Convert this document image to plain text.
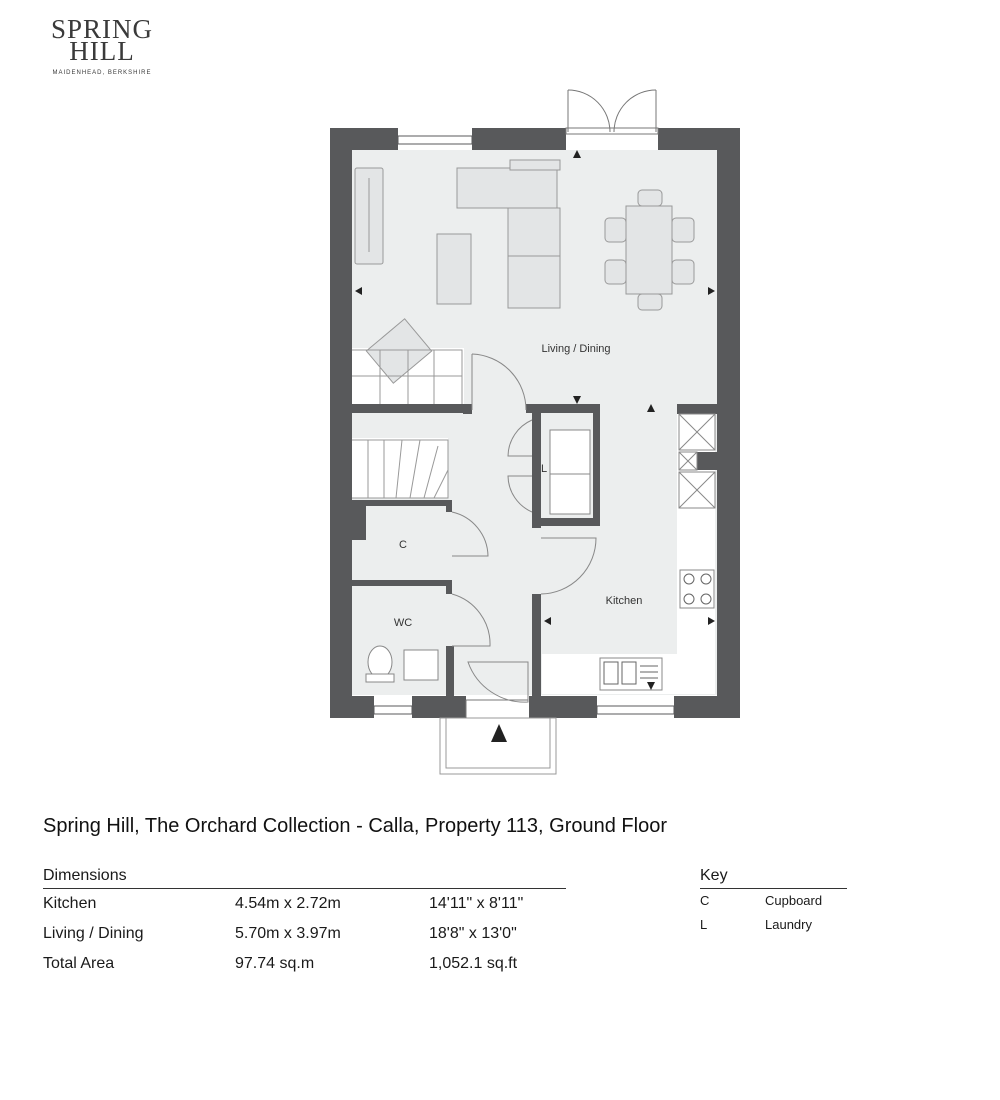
SPRING
HILL
MAIDENHEAD, BERKSHIRE
Living / Dining
Kitchen
WC
C
L
Spring Hill, The Orchard Collection - Calla, Property 113, Ground Floor
Dimensions
Kitchen	4.54m x 2.72m	14'11" x 8'11"
Living / Dining	5.70m x 3.97m	18'8" x 13'0"
Total Area	97.74 sq.m	1,052.1 sq.ft
Key
C	Cupboard
L	Laundry
